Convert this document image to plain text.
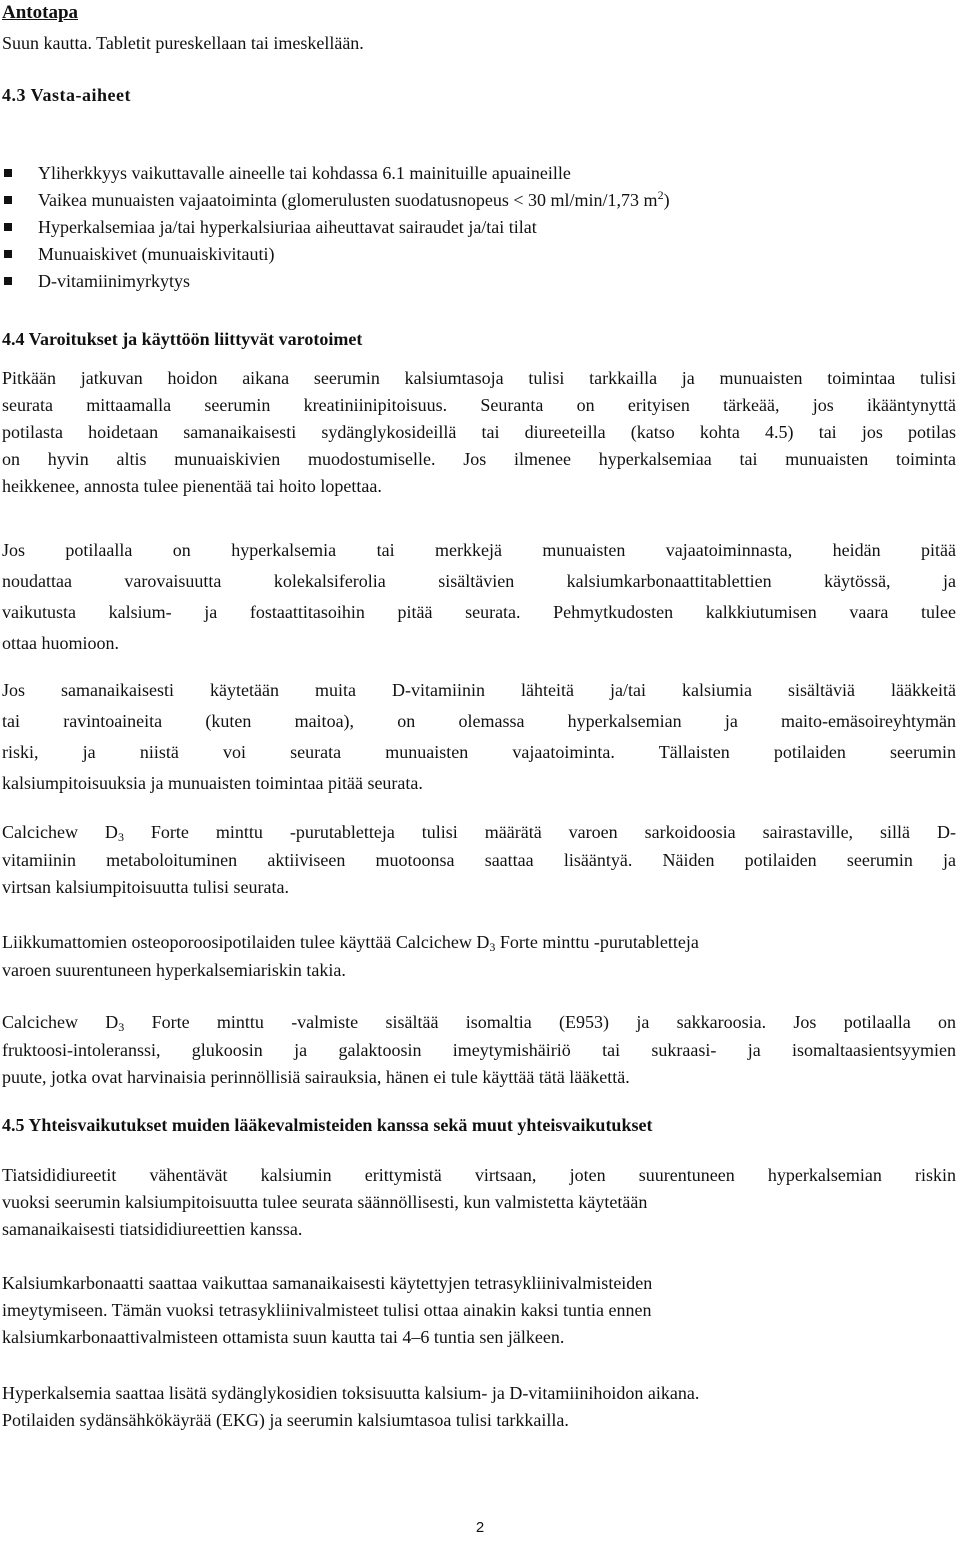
Antotapa
Suun kautta. Tabletit pureskellaan tai imeskellään.
4.3 Vasta-aiheet
Yliherkkyys vaikuttavalle aineelle tai kohdassa 6.1 mainituille apuaineille
Vaikea munuaisten vajaatoiminta (glomerulusten suodatusnopeus < 30 ml/min/1,73 $m^2$)
Hyperkalsemiaa ja/tai hyperkalsiuriaa aiheuttavat sairaudet ja/tai tilat
Munuaiskivet (munuaiskivitauti)
D-vitamiinimyrkytys
4.4 Varoitukset ja käyttöön liittyvät varotoimet
Pitkään jatkuvan hoidon aikana seerumin kalsiumtasoja tulisi tarkkailla ja munuaisten toimintaa tulisi
seurata mittaamalla seerumin kreatiniinipitoisuus. Seuranta on erityisen tärkeää, jos ikääntynyttä
potilasta hoidetaan samanaikaisesti sydänglykosideillä tai diureeteilla (katso kohta 4.5) tai jos potilas
on hyvin altis munuaiskivien muodostumiselle. Jos ilmenee hyperkalsemiaa tai munuaisten toiminta
heikkenee, annosta tulee pienentää tai hoito lopettaa.
Jos potilaalla on hyperkalsemia tai merkkejä munuaisten vajaatoiminnasta, heidän pitää
noudattaa varovaisuutta kolekalsiferolia sisältävien kalsiumkarbonaattitablettien käytössä, ja
vaikutusta kalsium- ja fostaattitasoihin pitää seurata. Pehmytkudosten kalkkiutumisen vaara tulee
ottaa huomioon.
Jos samanaikaisesti käytetään muita D-vitamiinin lähteitä ja/tai kalsiumia sisältäviä lääkkeitä
tai ravintoaineita (kuten maitoa), on olemassa hyperkalsemian ja maito-emäsoireyhtymän
riski, ja niistä voi seurata munuaisten vajaatoiminta. Tällaisten potilaiden seerumin
kalsiumpitoisuuksia ja munuaisten toimintaa pitää seurata.
Calcichew $D_3$ Forte minttu -purutabletteja tulisi määrätä varoen sarkoidoosia sairastaville, sillä D-
vitamiinin metaboloituminen aktiiviseen muotoonsa saattaa lisääntyä. Näiden potilaiden seerumin ja
virtsan kalsiumpitoisuutta tulisi seurata.
Liikkumattomien osteoporoosipotilaiden tulee käyttää Calcichew $D_3$ Forte minttu -purutabletteja
varoen suurentuneen hyperkalsemiariskin takia.
Calcichew $D_3$ Forte minttu -valmiste sisältää isomaltia (E953) ja sakkaroosia. Jos potilaalla on
fruktoosi-intoleranssi, glukoosin ja galaktoosin imeytymishäiriö tai sukraasi- ja isomaltaasientsyymien
puute, jotka ovat harvinaisia perinnöllisiä sairauksia, hänen ei tule käyttää tätä lääkettä.
4.5 Yhteisvaikutukset muiden lääkevalmisteiden kanssa sekä muut yhteisvaikutukset
Tiatsididiureetit vähentävät kalsiumin erittymistä virtsaan, joten suurentuneen hyperkalsemian riskin
vuoksi seerumin kalsiumpitoisuutta tulee seurata säännöllisesti, kun valmistetta käytetään
samanaikaisesti tiatsididiureettien kanssa.
Kalsiumkarbonaatti saattaa vaikuttaa samanaikaisesti käytettyjen tetrasykliinivalmisteiden
imeytymiseen. Tämän vuoksi tetrasykliinivalmisteet tulisi ottaa ainakin kaksi tuntia ennen
kalsiumkarbonaattivalmisteen ottamista suun kautta tai 4–6 tuntia sen jälkeen.
Hyperkalsemia saattaa lisätä sydänglykosidien toksisuutta kalsium- ja D-vitamiinihoidon aikana.
Potilaiden sydänsähkökäyrää (EKG) ja seerumin kalsiumtasoa tulisi tarkkailla.
2
